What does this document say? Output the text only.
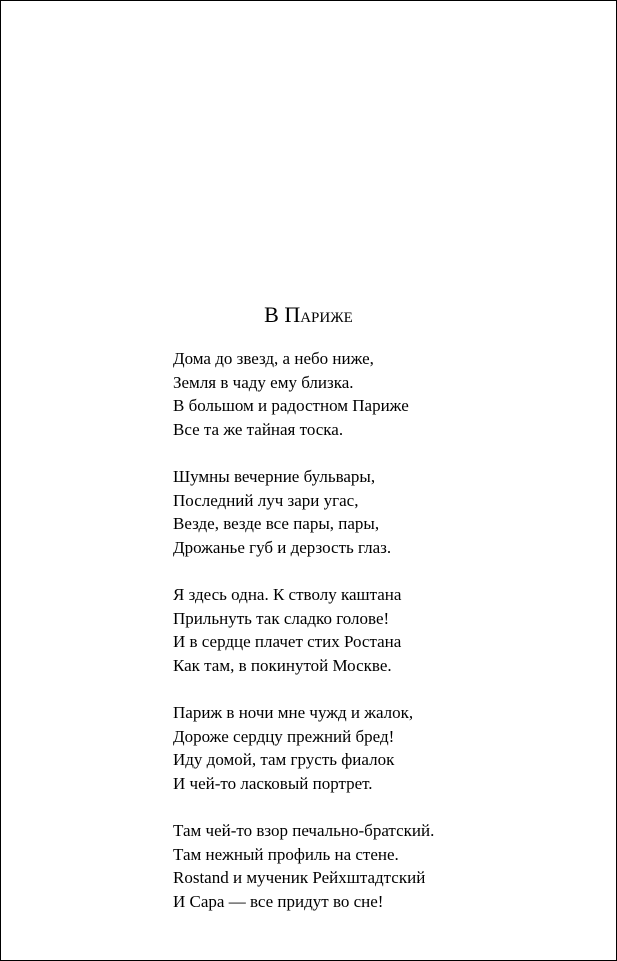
В Париже
Дома до звезд, а небо ниже,
Земля в чаду ему близка.
В большом и радостном Париже
Все та же тайная тоска.
Шумны вечерние бульвары,
Последний луч зари угас,
Везде, везде все пары, пары,
Дрожанье губ и дерзость глаз.
Я здесь одна. К стволу каштана
Прильнуть так сладко голове!
И в сердце плачет стих Ростана
Как там, в покинутой Москве.
Париж в ночи мне чужд и жалок,
Дороже сердцу прежний бред!
Иду домой, там грусть фиалок
И чей-то ласковый портрет.
Там чей-то взор печально-братский.
Там нежный профиль на стене.
Rostand и мученик Рейхштадтский
И Сара — все придут во сне!
